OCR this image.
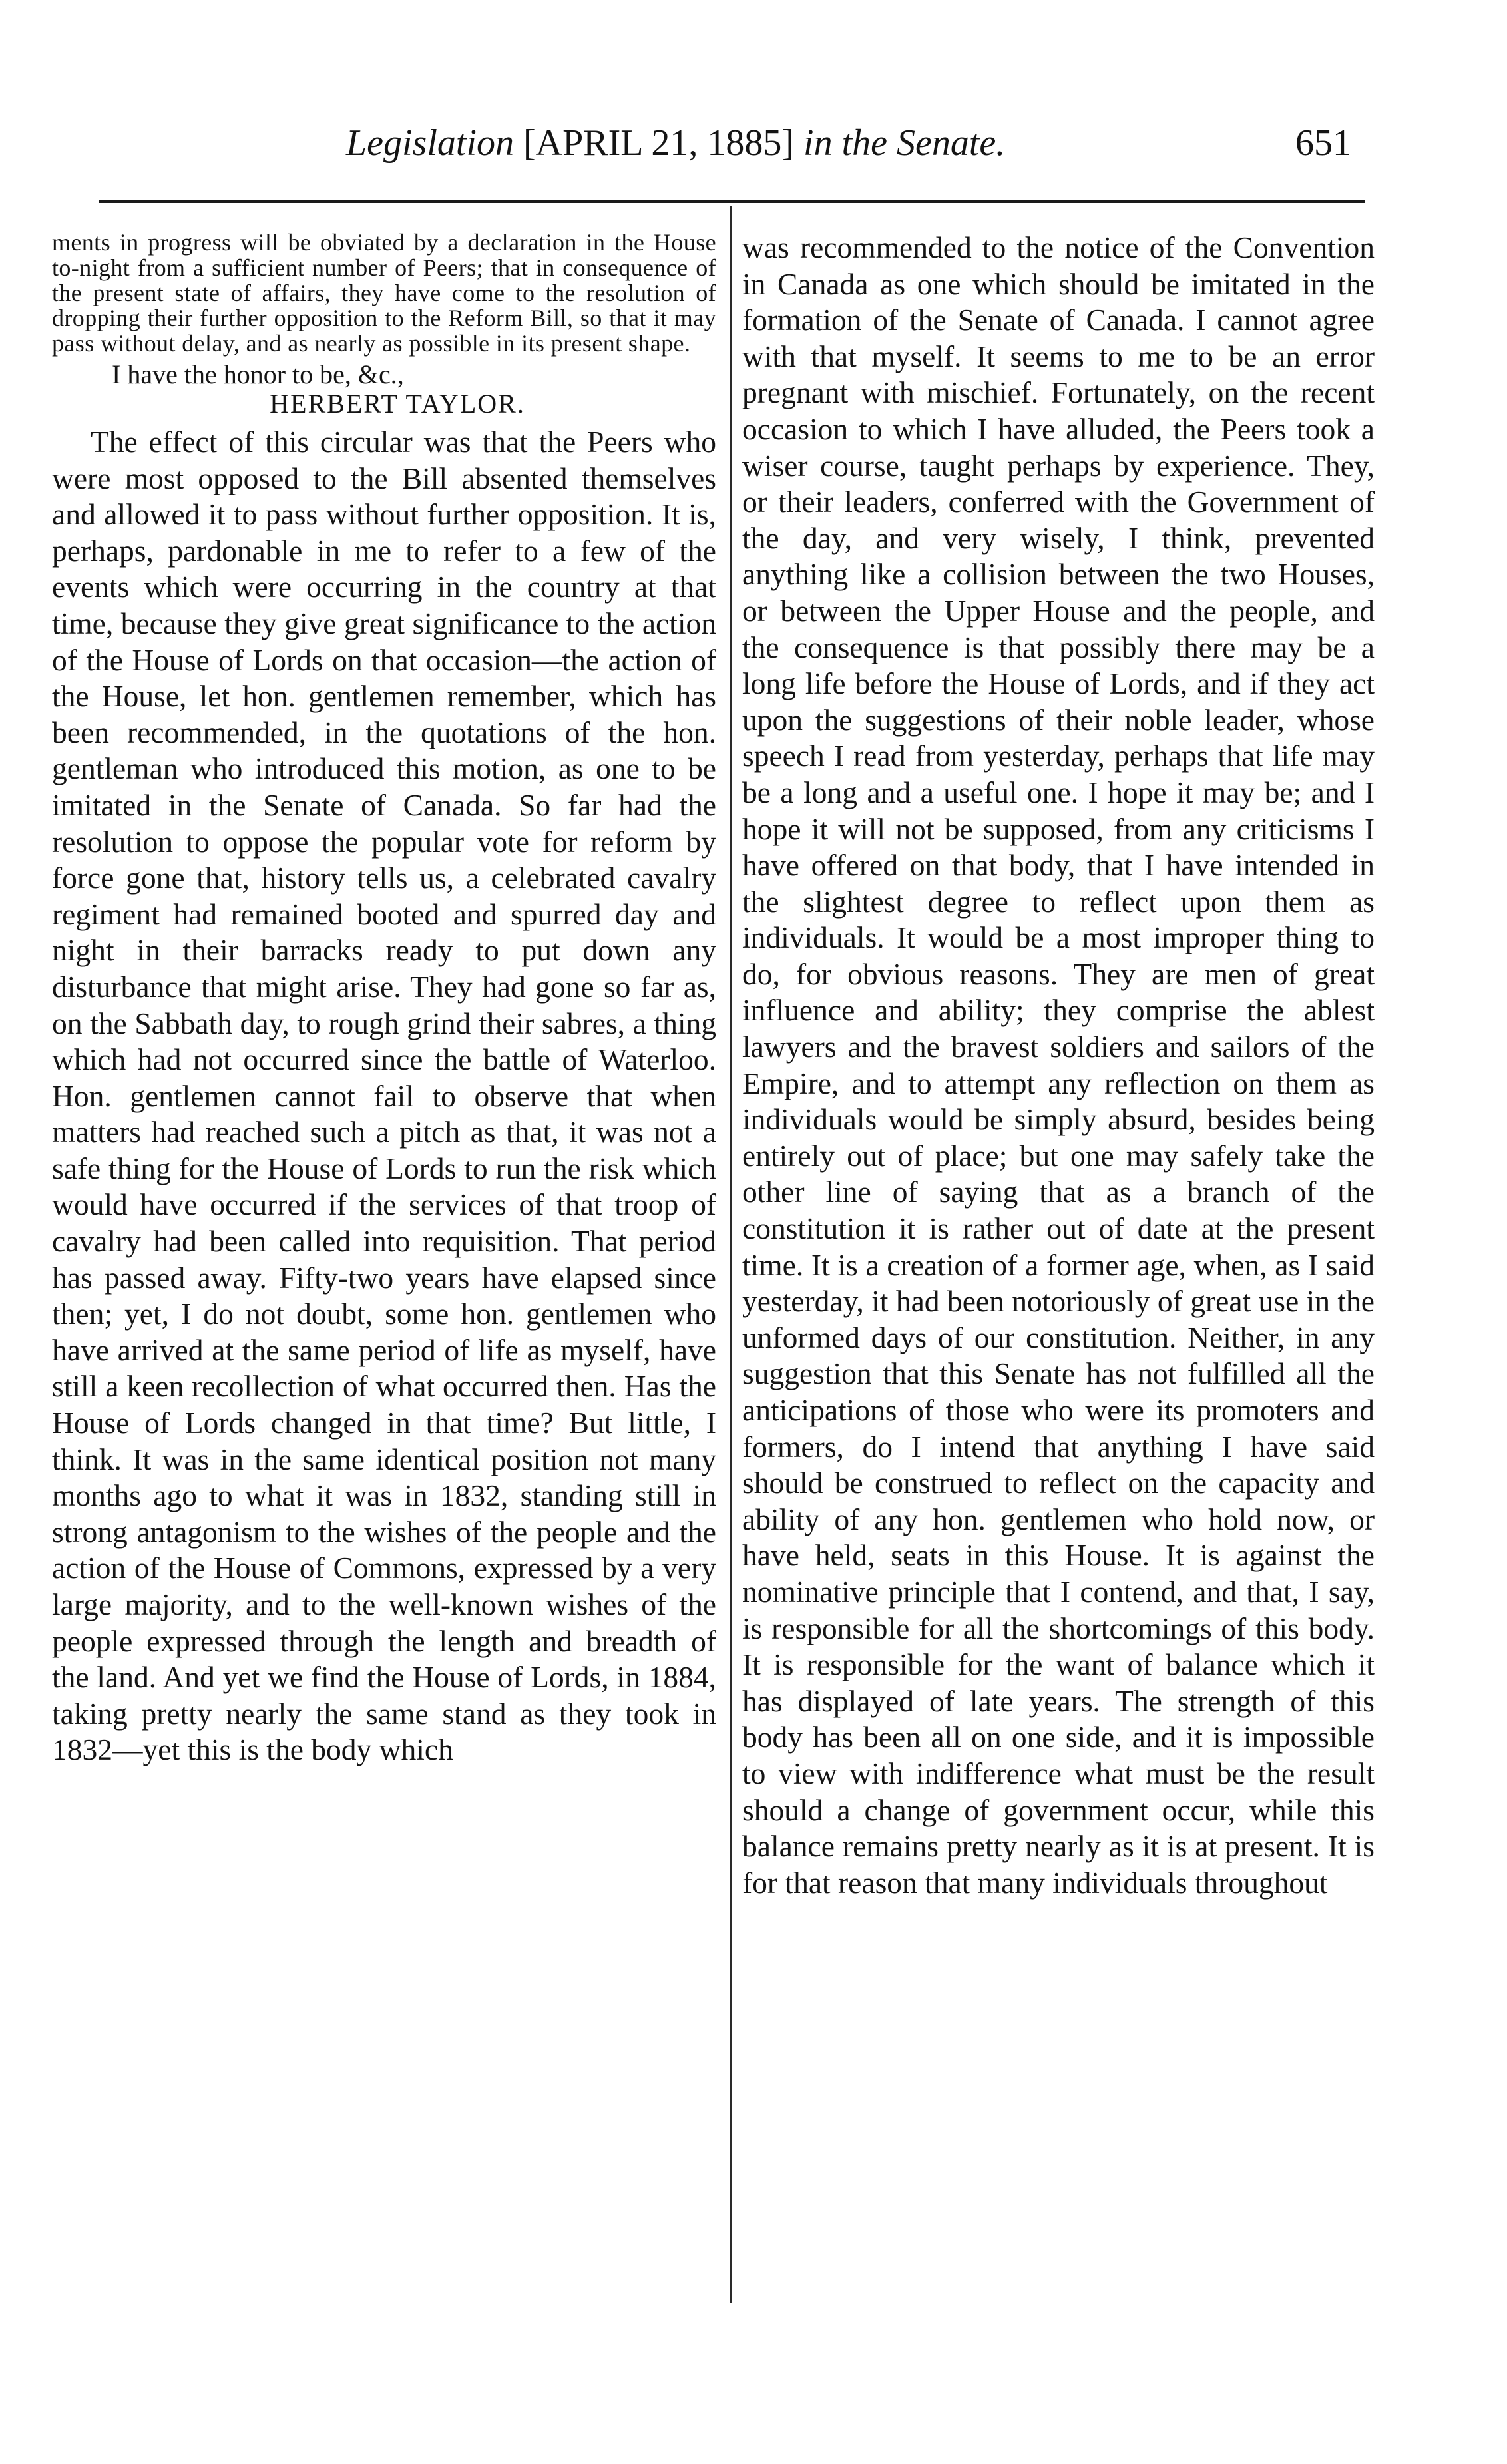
Legislation [APRIL 21, 1885] in the Senate.	651

ments in progress will be obviated by a declaration in the House to-night from a sufficient number of Peers; that in consequence of the present state of affairs, they have come to the resolution of dropping their further opposition to the Reform Bill, so that it may pass without delay, and as nearly as possible in its present shape.

I have the honor to be, &c.,

HERBERT TAYLOR.

The effect of this circular was that the Peers who were most opposed to the Bill absented themselves and allowed it to pass without further opposition. It is, perhaps, pardonable in me to refer to a few of the events which were occurring in the country at that time, because they give great significance to the action of the House of Lords on that occasion—the action of the House, let hon. gentlemen remember, which has been recommended, in the quotations of the hon. gentleman who introduced this motion, as one to be imitated in the Senate of Canada. So far had the resolution to oppose the popular vote for reform by force gone that, history tells us, a celebrated cavalry regiment had remained booted and spurred day and night in their barracks ready to put down any disturbance that might arise. They had gone so far as, on the Sabbath day, to rough grind their sabres, a thing which had not occurred since the battle of Waterloo. Hon. gentlemen cannot fail to observe that when matters had reached such a pitch as that, it was not a safe thing for the House of Lords to run the risk which would have occurred if the services of that troop of cavalry had been called into requisition. That period has passed away. Fifty-two years have elapsed since then; yet, I do not doubt, some hon. gentlemen who have arrived at the same period of life as myself, have still a keen recollection of what occurred then. Has the House of Lords changed in that time? But little, I think. It was in the same identical position not many months ago to what it was in 1832, standing still in strong antagonism to the wishes of the people and the action of the House of Commons, expressed by a very large majority, and to the well-known wishes of the people expressed through the length and breadth of the land. And yet we find the House of Lords, in 1884, taking pretty nearly the same stand as they took in 1832—yet this is the body which

was recommended to the notice of the Convention in Canada as one which should be imitated in the formation of the Senate of Canada. I cannot agree with that myself. It seems to me to be an error pregnant with mischief. Fortunately, on the recent occasion to which I have alluded, the Peers took a wiser course, taught perhaps by experience. They, or their leaders, conferred with the Government of the day, and very wisely, I think, prevented anything like a collision between the two Houses, or between the Upper House and the people, and the consequence is that possibly there may be a long life before the House of Lords, and if they act upon the suggestions of their noble leader, whose speech I read from yesterday, perhaps that life may be a long and a useful one. I hope it may be; and I hope it will not be supposed, from any criticisms I have offered on that body, that I have intended in the slightest degree to reflect upon them as individuals. It would be a most improper thing to do, for obvious reasons. They are men of great influence and ability; they comprise the ablest lawyers and the bravest soldiers and sailors of the Empire, and to attempt any reflection on them as individuals would be simply absurd, besides being entirely out of place; but one may safely take the other line of saying that as a branch of the constitution it is rather out of date at the present time. It is a creation of a former age, when, as I said yesterday, it had been notoriously of great use in the unformed days of our constitution. Neither, in any suggestion that this Senate has not fulfilled all the anticipations of those who were its promoters and formers, do I intend that anything I have said should be construed to reflect on the capacity and ability of any hon. gentlemen who hold now, or have held, seats in this House. It is against the nominative principle that I contend, and that, I say, is responsible for all the shortcomings of this body. It is responsible for the want of balance which it has displayed of late years. The strength of this body has been all on one side, and it is impossible to view with indifference what must be the result should a change of government occur, while this balance remains pretty nearly as it is at present. It is for that reason that many individuals throughout
